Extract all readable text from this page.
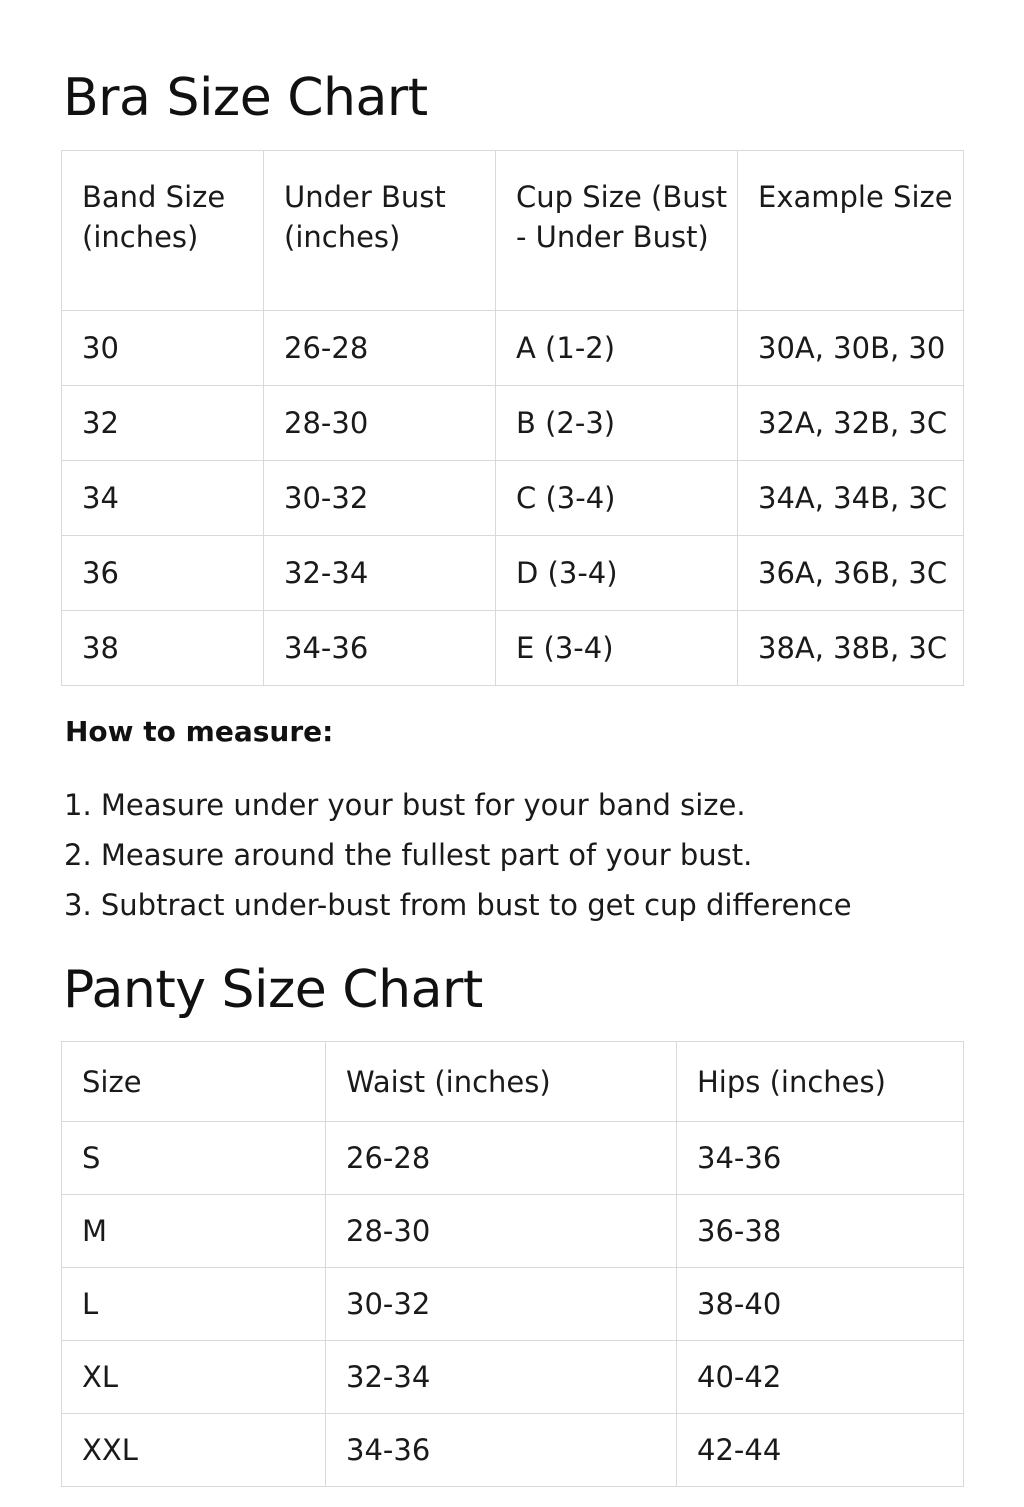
Bra Size Chart
Band Size (inches)	Under Bust (inches)	Cup Size (Bust - Under Bust)	Example Size
30	26-28	A (1-2)	30A, 30B, 30
32	28-30	B (2-3)	32A, 32B, 3C
34	30-32	C (3-4)	34A, 34B, 3C
36	32-34	D (3-4)	36A, 36B, 3C
38	34-36	E (3-4)	38A, 38B, 3C

How to measure:

1. Measure under your bust for your band size.
2. Measure around the fullest part of your bust.
3. Subtract under-bust from bust to get cup difference
Panty Size Chart
Size	Waist (inches)	Hips (inches)
S	26-28	34-36
M	28-30	36-38
L	30-32	38-40
XL	32-34	40-42
XXL	34-36	42-44
